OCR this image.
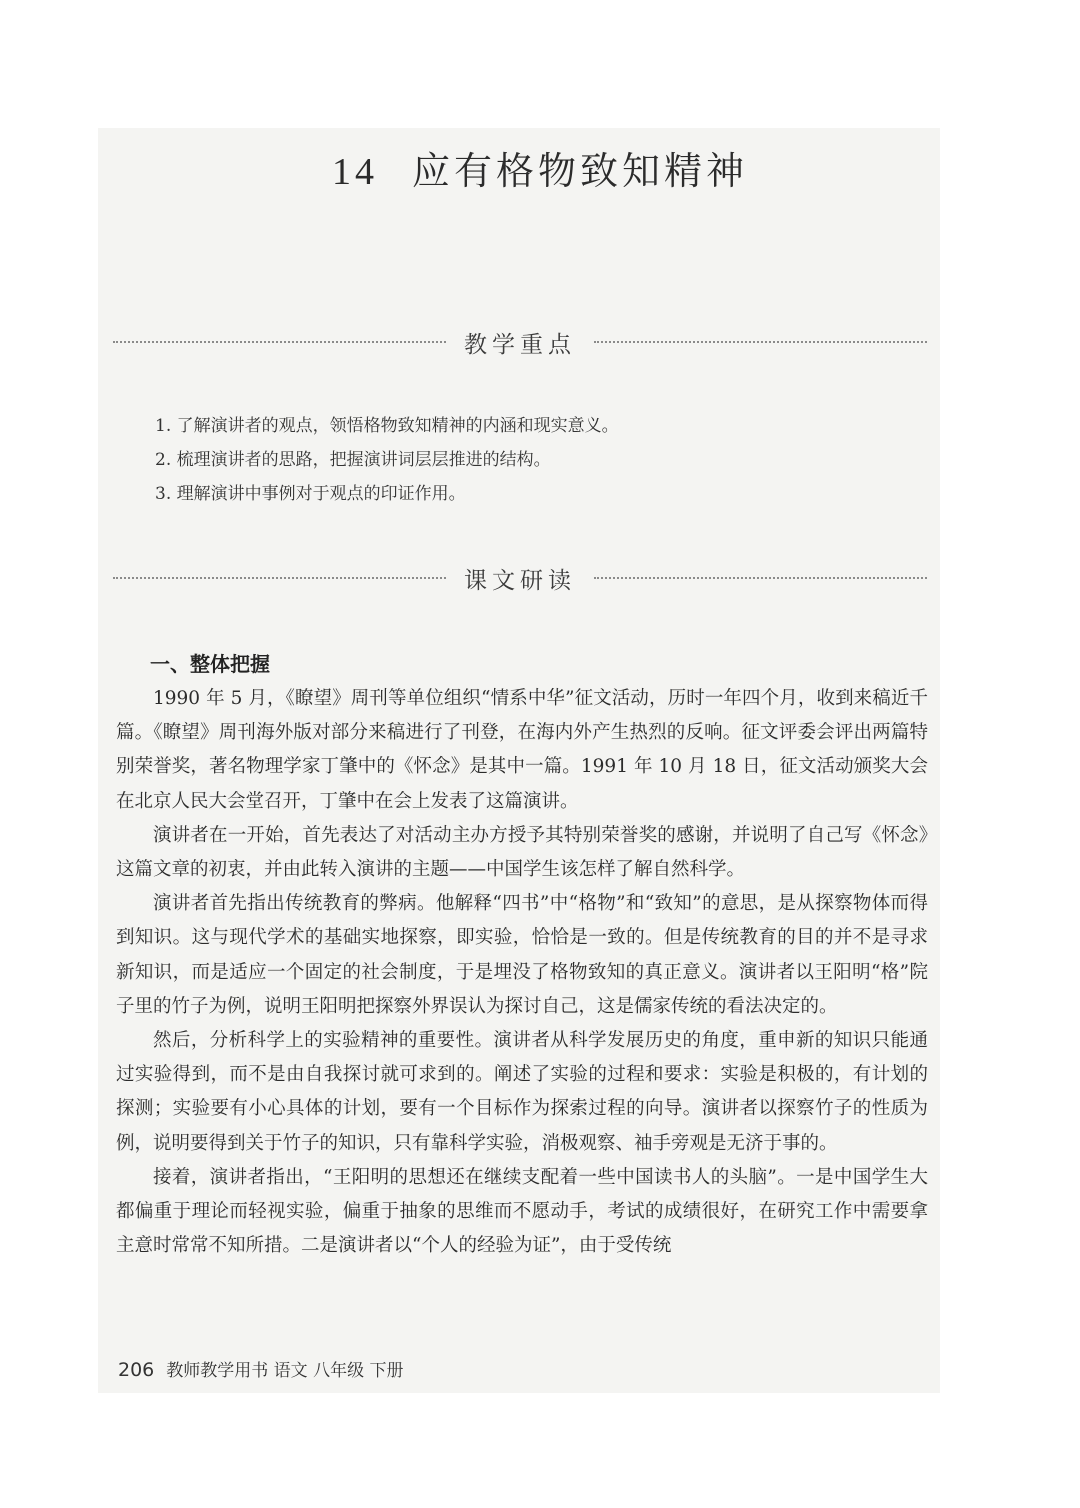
14 应有格物致知精神
教学重点
1. 了解演讲者的观点，领悟格物致知精神的内涵和现实意义。
2. 梳理演讲者的思路，把握演讲词层层推进的结构。
3. 理解演讲中事例对于观点的印证作用。
课文研读
一、整体把握

1990 年 5 月，《瞭望》周刊等单位组织“情系中华”征文活动，历时一年四个月，收到来稿近千篇。《瞭望》周刊海外版对部分来稿进行了刊登，在海内外产生热烈的反响。征文评委会评出两篇特别荣誉奖，著名物理学家丁肇中的《怀念》是其中一篇。1991 年 10 月 18 日，征文活动颁奖大会在北京人民大会堂召开，丁肇中在会上发表了这篇演讲。

演讲者在一开始，首先表达了对活动主办方授予其特别荣誉奖的感谢，并说明了自己写《怀念》这篇文章的初衷，并由此转入演讲的主题——中国学生该怎样了解自然科学。

演讲者首先指出传统教育的弊病。他解释“四书”中“格物”和“致知”的意思，是从探察物体而得到知识。这与现代学术的基础实地探察，即实验，恰恰是一致的。但是传统教育的目的并不是寻求新知识，而是适应一个固定的社会制度，于是埋没了格物致知的真正意义。演讲者以王阳明“格”院子里的竹子为例，说明王阳明把探察外界误认为探讨自己，这是儒家传统的看法决定的。

然后，分析科学上的实验精神的重要性。演讲者从科学发展历史的角度，重申新的知识只能通过实验得到，而不是由自我探讨就可求到的。阐述了实验的过程和要求：实验是积极的，有计划的探测；实验要有小心具体的计划，要有一个目标作为探索过程的向导。演讲者以探察竹子的性质为例，说明要得到关于竹子的知识，只有靠科学实验，消极观察、袖手旁观是无济于事的。

接着，演讲者指出，“王阳明的思想还在继续支配着一些中国读书人的头脑”。一是中国学生大都偏重于理论而轻视实验，偏重于抽象的思维而不愿动手，考试的成绩很好，在研究工作中需要拿主意时常常不知所措。二是演讲者以“个人的经验为证”，由于受传统

206 教师教学用书 语文 八年级 下册
